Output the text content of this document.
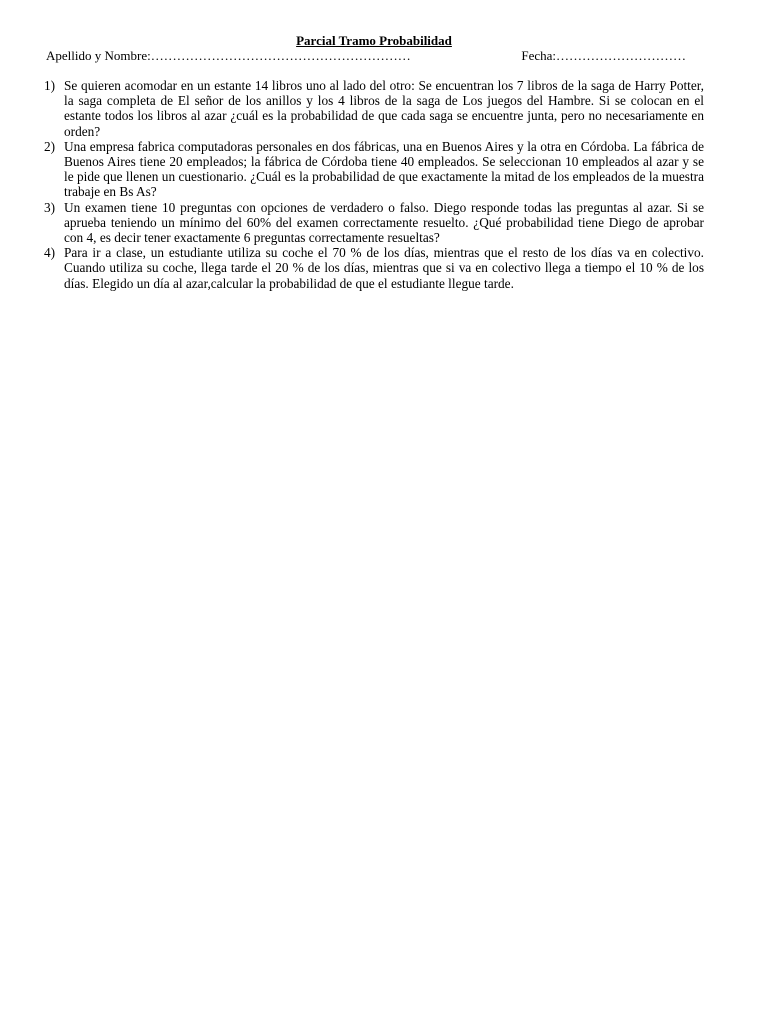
Parcial Tramo Probabilidad
Apellido y Nombre:……………………………………………………	Fecha:…………………………
1) Se quieren acomodar en un estante 14 libros uno al lado del otro: Se encuentran los 7 libros de la saga de Harry Potter, la saga completa de El señor de los anillos y los 4 libros de la saga de Los juegos del Hambre. Si se colocan en el estante todos los libros al azar ¿cuál es la probabilidad de que cada saga se encuentre junta, pero no necesariamente en orden?
2) Una empresa fabrica computadoras personales en dos fábricas, una en Buenos Aires y la otra en Córdoba. La fábrica de Buenos Aires tiene 20 empleados; la fábrica de Córdoba tiene 40 empleados. Se seleccionan 10 empleados al azar y se le pide que llenen un cuestionario. ¿Cuál es la probabilidad de que exactamente la mitad de los empleados de la muestra trabaje en Bs As?
3) Un examen tiene 10 preguntas con opciones de verdadero o falso. Diego responde todas las preguntas al azar. Si se aprueba teniendo un mínimo del 60% del examen correctamente resuelto. ¿Qué probabilidad tiene Diego de aprobar con 4, es decir tener exactamente 6 preguntas correctamente resueltas?
4) Para ir a clase, un estudiante utiliza su coche el 70 % de los días, mientras que el resto de los días va en colectivo. Cuando utiliza su coche, llega tarde el 20 % de los días, mientras que si va en colectivo llega a tiempo el 10 % de los días. Elegido un día al azar,calcular la probabilidad de que el estudiante llegue tarde.
